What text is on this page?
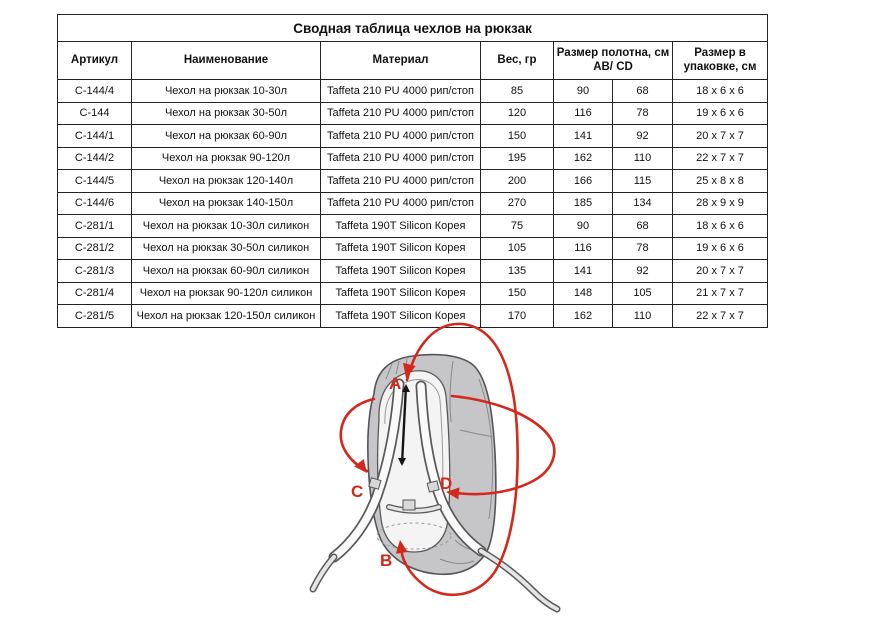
Сводная таблица чехлов на рюкзак						
Артикул	Наименование	Материал	Вес, гр	Размер полотна, см АВ/ CD		Размер в упаковке, см
C-144/4	Чехол на рюкзак 10-30л	Taffeta 210 PU 4000 рип/стоп	85	90	68	18 x 6 x 6
C-144	Чехол на рюкзак 30-50л	Taffeta 210 PU 4000 рип/стоп	120	116	78	19 x 6 x 6
C-144/1	Чехол на рюкзак 60-90л	Taffeta 210 PU 4000 рип/стоп	150	141	92	20 x 7 x 7
C-144/2	Чехол на рюкзак 90-120л	Taffeta 210 PU 4000 рип/стоп	195	162	110	22 x 7 x 7
C-144/5	Чехол на рюкзак 120-140л	Taffeta 210 PU 4000 рип/стоп	200	166	115	25 x 8 x 8
C-144/6	Чехол на рюкзак 140-150л	Taffeta 210 PU 4000 рип/стоп	270	185	134	28 x 9 x 9
C-281/1	Чехол на рюкзак 10-30л силикон	Taffeta 190T Silicon Корея	75	90	68	18 x 6 x 6
C-281/2	Чехол на рюкзак 30-50л силикон	Taffeta 190T Silicon Корея	105	116	78	19 x 6 x 6
C-281/3	Чехол на рюкзак 60-90л силикон	Taffeta 190T Silicon Корея	135	141	92	20 x 7 x 7
C-281/4	Чехол на рюкзак 90-120л силикон	Taffeta 190T Silicon Корея	150	148	105	21 x 7 x 7
C-281/5	Чехол на рюкзак 120-150л силикон	Taffeta 190T Silicon Корея	170	162	110	22 x 7 x 7
A
B
C	D
